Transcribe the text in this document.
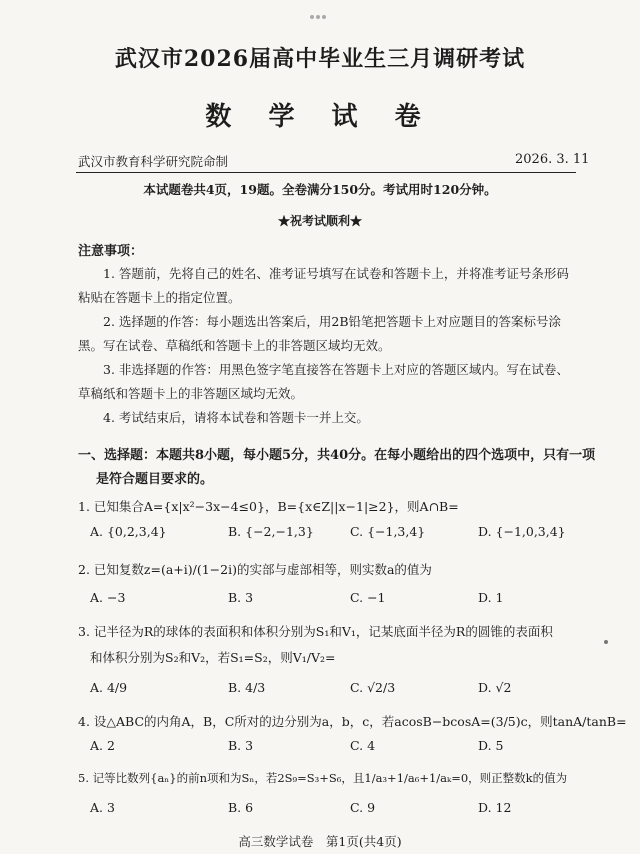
武汉市2026届高中毕业生三月调研考试
数 学 试 卷
武汉市教育科学研究院命制	2026. 3. 11
本试题卷共4页，19题。全卷满分150分。考试用时120分钟。
★祝考试顺利★
注意事项：
1. 答题前，先将自己的姓名、准考证号填写在试卷和答题卡上，并将准考证号条形码
粘贴在答题卡上的指定位置。
2. 选择题的作答：每小题选出答案后，用2B铅笔把答题卡上对应题目的答案标号涂
黑。写在试卷、草稿纸和答题卡上的非答题区域均无效。
3. 非选择题的作答：用黑色签字笔直接答在答题卡上对应的答题区域内。写在试卷、
草稿纸和答题卡上的非答题区域均无效。
4. 考试结束后，请将本试卷和答题卡一并上交。
一、选择题：本题共8小题，每小题5分，共40分。在每小题给出的四个选项中，只有一项
是符合题目要求的。
1. 已知集合A={x|x²−3x−4≤0}，B={x∈Z||x−1|≥2}，则A∩B=
A. {0,2,3,4}	B. {−2,−1,3}	C. {−1,3,4}	D. {−1,0,3,4}
2. 已知复数z=(a+i)/(1−2i)的实部与虚部相等，则实数a的值为
A. −3	B. 3	C. −1	D. 1
3. 记半径为R的球体的表面积和体积分别为S₁和V₁，记某底面半径为R的圆锥的表面积
和体积分别为S₂和V₂，若S₁=S₂，则V₁/V₂=
A. 4/9	B. 4/3	C. √2/3	D. √2
4. 设△ABC的内角A，B，C所对的边分别为a，b，c，若acosB−bcosA=(3/5)c，则tanA/tanB=
A. 2	B. 3	C. 4	D. 5
5. 记等比数列{aₙ}的前n项和为Sₙ，若2S₉=S₃+S₆，且1/a₃+1/a₆+1/aₖ=0，则正整数k的值为
A. 3	B. 6	C. 9	D. 12
高三数学试卷　第1页(共4页)
